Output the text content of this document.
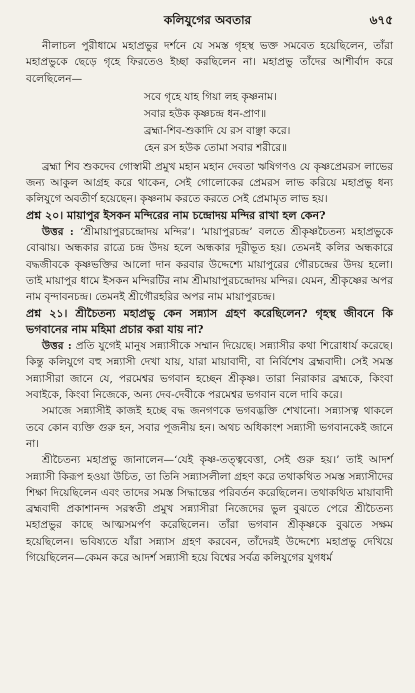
কলিযুগের অবতার	৬৭৫

নীলাচল পুরীধামে মহাপ্রভুর দর্শনে যে সমস্ত গৃহস্থ ভক্ত সমবেত হয়েছিলেন, তাঁরা মহাপ্রভুকে ছেড়ে গৃহে ফিরতেও ইচ্ছা করছিলেন না। মহাপ্রভু তাঁদের আশীর্বাদ করে বলেছিলেন—

সবে গৃহে যাহ গিয়া লহ কৃষ্ণনাম।
সবার হউক কৃষ্ণচন্দ্র ধন-প্রাণ॥
ব্রহ্মা-শিব-শুকাদি যে রস বাঞ্ছা করে।
হেন রস হউক তোমা সবার শরীরে॥

ব্রহ্মা শিব শুকদেব গোস্বামী প্রমুখ মহান মহান দেবতা ঋষিগণও যে কৃষ্ণপ্রেমরস লাভের জন্য আকুল আগ্রহ করে থাকেন, সেই গোলোকের প্রেমরস লাভ করিয়ে মহাপ্রভু ধন্য কলিযুগে অবতীর্ণ হয়েছেন। কৃষ্ণনাম করতে করতে সেই প্রেমামৃত লাভ হয়।

প্রশ্ন ২০। মায়াপুর ইসকন মন্দিরের নাম চন্দ্রোদয় মন্দির রাখা হল কেন?

উত্তর : ‘শ্রীমায়াপুরচন্দ্রোদয় মন্দির’। ‘মায়াপুরচন্দ্র’ বলতে শ্রীকৃষ্ণচৈতন্য মহাপ্রভুকে বোঝায়। অন্ধকার রাত্রে চন্দ্র উদয় হলে অন্ধকার দূরীভূত হয়। তেমনই কলির অন্ধকারে বদ্ধজীবকে কৃষ্ণভক্তির আলো দান করবার উদ্দেশ্যে মায়াপুরের গৌরচন্দ্রের উদয় হলো। তাই মায়াপুর ধামে ইসকন মন্দিরটির নাম শ্রীমায়াপুরচন্দ্রোদয় মন্দির। যেমন, শ্রীকৃষ্ণের অপর নাম বৃন্দাবনচন্দ্র। তেমনই শ্রীগৌরহরির অপর নাম মায়াপুরচন্দ্র।

প্রশ্ন ২১। শ্রীচৈতন্য মহাপ্রভু কেন সন্ন্যাস গ্রহণ করেছিলেন? গৃহস্থ জীবনে কি ভগবানের নাম মহিমা প্রচার করা যায় না?

উত্তর : প্রতি যুগেই মানুষ সন্ন্যাসীকে সম্মান দিয়েছে। সন্ন্যাসীর কথা শিরোধার্য করেছে। কিন্তু কলিযুগে বহু সন্ন্যাসী দেখা যায়, যারা মায়াবাদী, বা নির্বিশেষ ব্রহ্মবাদী। সেই সমস্ত সন্ন্যাসীরা জানে যে, পরমেশ্বর ভগবান হচ্ছেন শ্রীকৃষ্ণ। তারা নিরাকার ব্রহ্মকে, কিংবা সবাইকে, কিংবা নিজেকে, অন্য দেব-দেবীকে পরমেশ্বর ভগবান বলে দাবি করে।

সমাজে সন্ন্যাসীই কাজই হচ্ছে বদ্ধ জনগণকে ভগবদ্ভক্তি শেখানো। সন্ন্যাসত্ব থাকলে তবে কোন ব্যক্তি গুরু হন, সবার পূজনীয় হন। অথচ অধিকাংশ সন্ন্যাসী ভগবানকেই জানে না।

শ্রীচৈতন্য মহাপ্রভু জানালেন—‘যেই কৃষ্ণ-তত্ত্ববেত্তা, সেই গুরু হয়।’ তাই আদর্শ সন্ন্যাসী কিরূপ হওয়া উচিত, তা তিনি সন্ন্যাসলীলা গ্রহণ করে তথাকথিত সমস্ত সন্ন্যাসীদের শিক্ষা দিয়েছিলেন এবং তাদের সমস্ত সিদ্ধান্তের পরিবর্তন করেছিলেন। তথাকথিত মায়াবাদী ব্রহ্মবাদী প্রকাশানন্দ সরস্বতী প্রমুখ সন্ন্যাসীরা নিজেদের ভুল বুঝতে পেরে শ্রীচৈতন্য মহাপ্রভুর কাছে আত্মসমর্পণ করেছিলেন। তাঁরা ভগবান শ্রীকৃষ্ণকে বুঝতে সক্ষম হয়েছিলেন। ভবিষ্যতে যাঁরা সন্ন্যাস গ্রহণ করবেন, তাঁদেরই উদ্দেশ্যে মহাপ্রভু দেখিয়ে গিয়েছিলেন—কেমন করে আদর্শ সন্ন্যাসী হয়ে বিশ্বের সর্বত্র কলিযুগের যুগধর্ম
